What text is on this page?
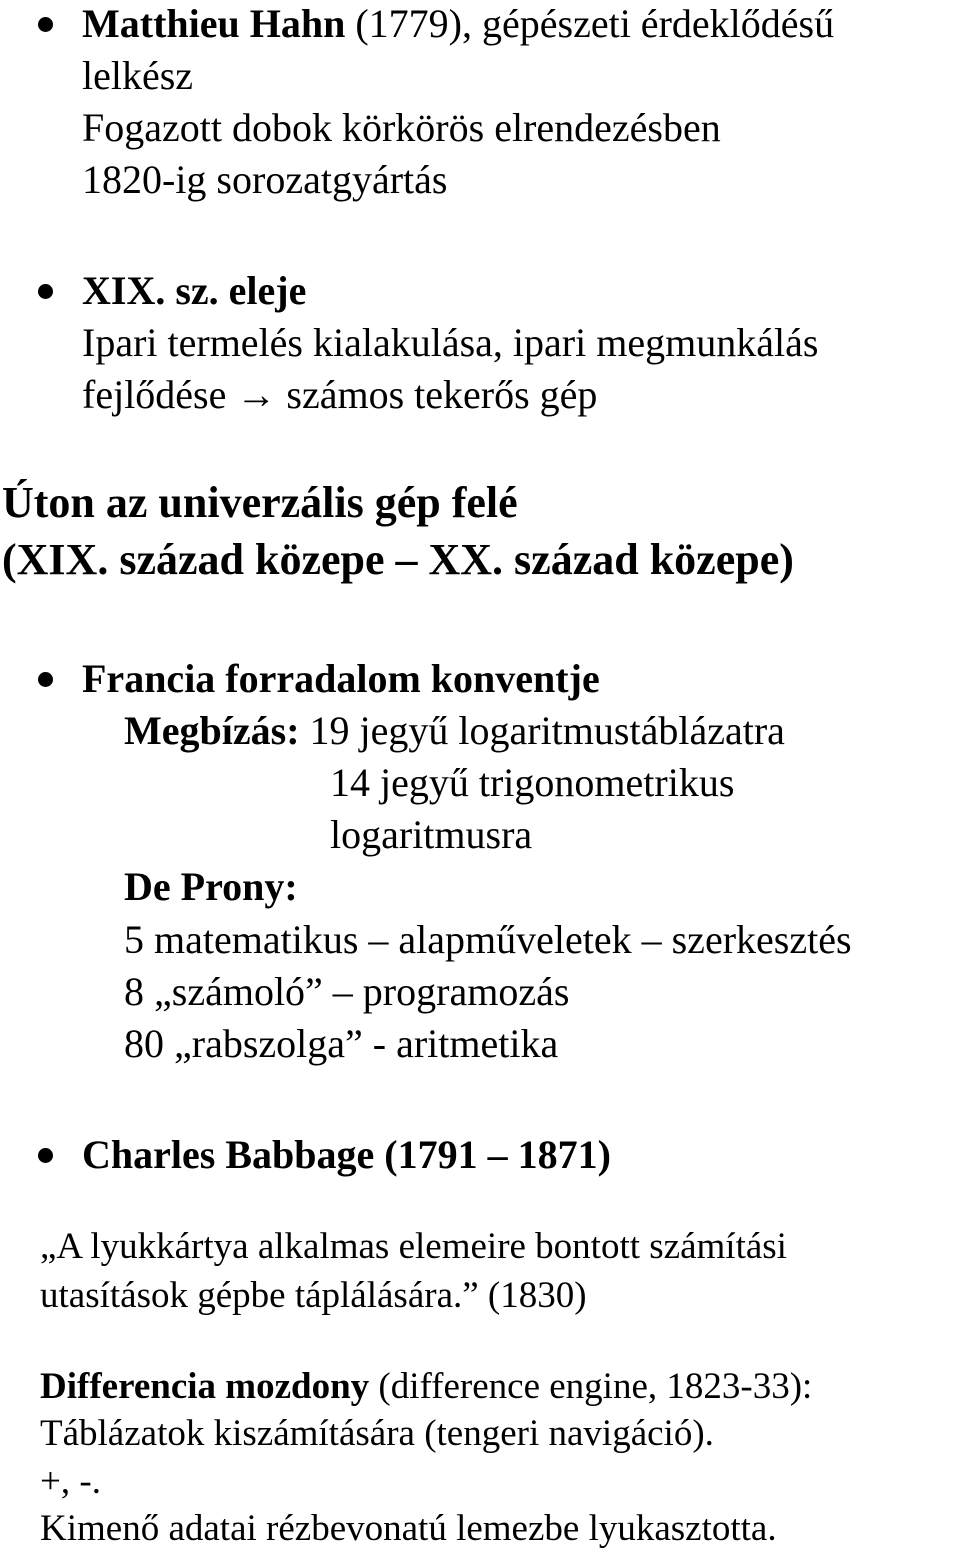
Matthieu Hahn (1779), gépészeti érdeklődésű
lelkész
Fogazott dobok körkörös elrendezésben
1820-ig sorozatgyártás
XIX. sz. eleje
Ipari termelés kialakulása, ipari megmunkálás
fejlődése → számos tekerős gép
Úton az univerzális gép felé
(XIX. század közepe – XX. század közepe)
Francia forradalom konventje
Megbízás: 19 jegyű logaritmustáblázatra
14 jegyű trigonometrikus
logaritmusra
De Prony:
5 matematikus – alapműveletek – szerkesztés
8 „számoló” – programozás
80 „rabszolga” - aritmetika
Charles Babbage (1791 – 1871)
„A lyukkártya alkalmas elemeire bontott számítási
utasítások gépbe táplálására.” (1830)
Differencia mozdony (difference engine, 1823-33):
Táblázatok kiszámítására (tengeri navigáció).
+, -.
Kimenő adatai rézbevonatú lemezbe lyukasztotta.
